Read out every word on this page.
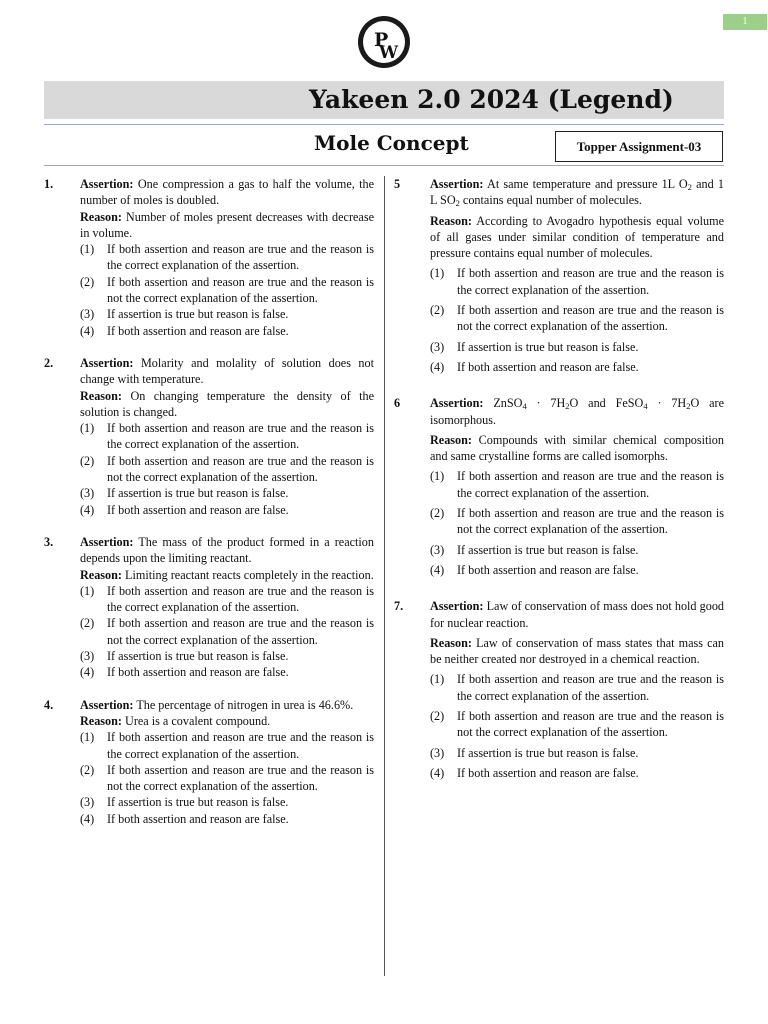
1
P
W
Yakeen 2.0 2024 (Legend)
Mole Concept	Topper Assignment-03
1. Assertion: One compression a gas to half the volume, the number of moles is doubled.
Reason: Number of moles present decreases with decrease in volume.
(1) If both assertion and reason are true and the reason is the correct explanation of the assertion.
(2) If both assertion and reason are true and the reason is not the correct explanation of the assertion.
(3) If assertion is true but reason is false.
(4) If both assertion and reason are false.
2. Assertion: Molarity and molality of solution does not change with temperature.
Reason: On changing temperature the density of the solution is changed.
(1) If both assertion and reason are true and the reason is the correct explanation of the assertion.
(2) If both assertion and reason are true and the reason is not the correct explanation of the assertion.
(3) If assertion is true but reason is false.
(4) If both assertion and reason are false.
3. Assertion: The mass of the product formed in a reaction depends upon the limiting reactant.
Reason: Limiting reactant reacts completely in the reaction.
(1) If both assertion and reason are true and the reason is the correct explanation of the assertion.
(2) If both assertion and reason are true and the reason is not the correct explanation of the assertion.
(3) If assertion is true but reason is false.
(4) If both assertion and reason are false.
4. Assertion: The percentage of nitrogen in urea is 46.6%.
Reason: Urea is a covalent compound.
(1) If both assertion and reason are true and the reason is the correct explanation of the assertion.
(2) If both assertion and reason are true and the reason is not the correct explanation of the assertion.
(3) If assertion is true but reason is false.
(4) If both assertion and reason are false.
5 Assertion: At same temperature and pressure 1L $O_2$ and 1 L $SO_2$ contains equal number of molecules.
Reason: According to Avogadro hypothesis equal volume of all gases under similar condition of temperature and pressure contains equal number of molecules.
(1) If both assertion and reason are true and the reason is the correct explanation of the assertion.
(2) If both assertion and reason are true and the reason is not the correct explanation of the assertion.
(3) If assertion is true but reason is false.
(4) If both assertion and reason are false.
6 Assertion: ZnSO$_4$ · $7H_2O$ and FeSO$_4$ · $7H_2O$ are isomorphous.
Reason: Compounds with similar chemical composition and same crystalline forms are called isomorphs.
(1) If both assertion and reason are true and the reason is the correct explanation of the assertion.
(2) If both assertion and reason are true and the reason is not the correct explanation of the assertion.
(3) If assertion is true but reason is false.
(4) If both assertion and reason are false.
7. Assertion: Law of conservation of mass does not hold good for nuclear reaction.
Reason: Law of conservation of mass states that mass can be neither created nor destroyed in a chemical reaction.
(1) If both assertion and reason are true and the reason is the correct explanation of the assertion.
(2) If both assertion and reason are true and the reason is not the correct explanation of the assertion.
(3) If assertion is true but reason is false.
(4) If both assertion and reason are false.
